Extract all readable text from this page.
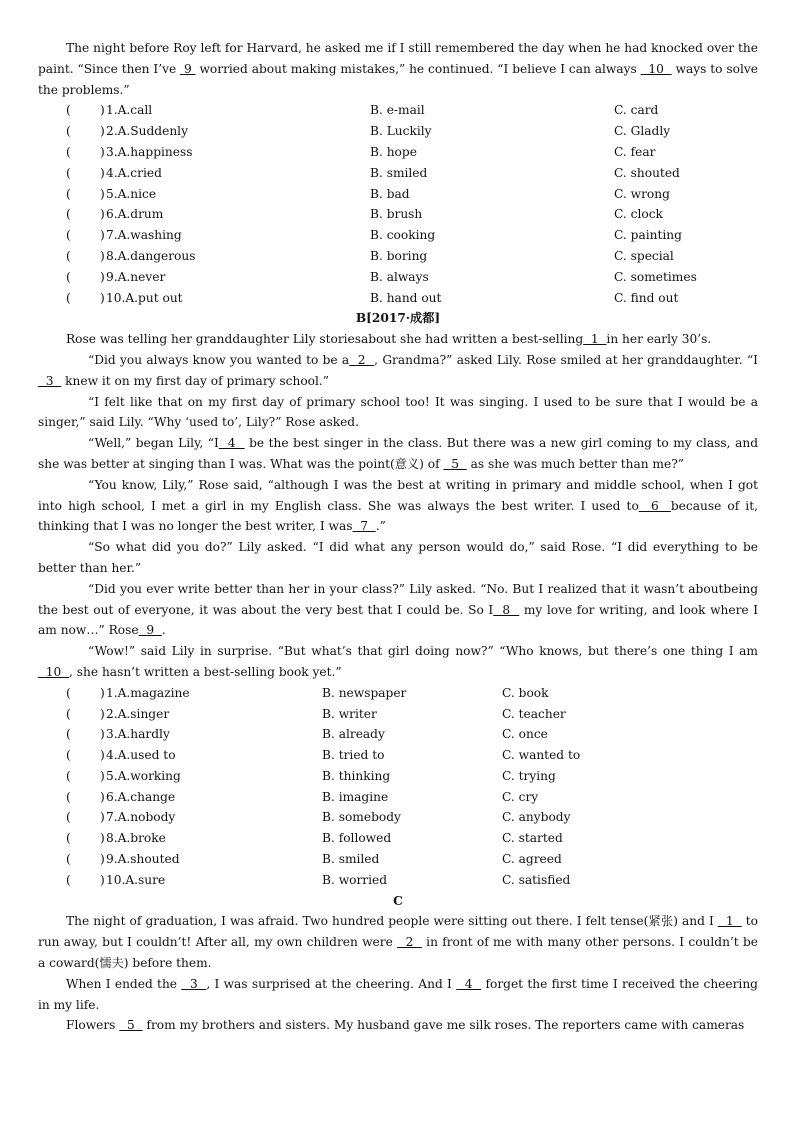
The night before Roy left for Harvard, he asked me if I still remembered the day when he had knocked over the paint. “Since then I’ve  9  worried about making mistakes,” he continued. “I believe I can always   10   ways to solve the problems.”

(	) 1.A.call	B. e-mail	C. card
(	) 2.A.Suddenly	B. Luckily	C. Gladly
(	) 3.A.happiness	B. hope	C. fear
(	) 4.A.cried	B. smiled	C. shouted
(	) 5.A.nice	B. bad	C. wrong
(	) 6.A.drum	B. brush	C. clock
(	) 7.A.washing	B. cooking	C. painting
(	) 8.A.dangerous	B. boring	C. special
(	) 9.A.never	B. always	C. sometimes
(	) 10.A.put out	B. hand out	C. find out
B[2017·成都]

Rose was telling her granddaughter Lily storiesabout she had written a best-selling  1  in her early 30’s.

“Did you always know you wanted to be a  2  , Grandma?” asked Lily. Rose smiled at her granddaughter. “I  3   knew it on my first day of primary school.”

“I felt like that on my first day of primary school too! It was singing. I used to be sure that I would be a singer,” said Lily. “Why ‘used to’, Lily?” Rose asked.

“Well,” began Lily, “I  4   be the best singer in the class. But there was a new girl coming to my class, and she was better at singing than I was. What was the point(意义) of   5   as she was much better than me?”

“You know, Lily,” Rose said, “although I was the best at writing in primary and middle school, when I got into high school, I met a girl in my English class. She was always the best writer. I used to  6  because of it, thinking that I was no longer the best writer, I was  7  .”

“So what did you do?” Lily asked. “I did what any person would do,” said Rose. “I did everything to be better than her.”

“Did you ever write better than her in your class?” Lily asked. “No. But I realized that it wasn’t aboutbeing the best out of everyone, it was about the very best that I could be. So I  8   my love for writing, and look where I am now…” Rose  9  .

“Wow!” said Lily in surprise. “But what’s that girl doing now?” “Who knows, but there’s one thing I am  10  , she hasn’t written a best-selling book yet.”

(	) 1.A.magazine	B. newspaper	C. book
(	) 2.A.singer	B. writer	C. teacher
(	) 3.A.hardly	B. already	C. once
(	) 4.A.used to	B. tried to	C. wanted to
(	) 5.A.working	B. thinking	C. trying
(	) 6.A.change	B. imagine	C. cry
(	) 7.A.nobody	B. somebody	C. anybody
(	) 8.A.broke	B. followed	C. started
(	) 9.A.shouted	B. smiled	C. agreed
(	) 10.A.sure	B. worried	C. satisfied
C

The night of graduation, I was afraid. Two hundred people were sitting out there. I felt tense(紧张) and I   1   to run away, but I couldn’t! After all, my own children were   2   in front of me with many other persons. I couldn’t be a coward(懦夫) before them.

When I ended the   3  , I was surprised at the cheering. And I   4   forget the first time I received the cheering in my life.

Flowers   5   from my brothers and sisters. My husband gave me silk roses. The reporters came with cameras
